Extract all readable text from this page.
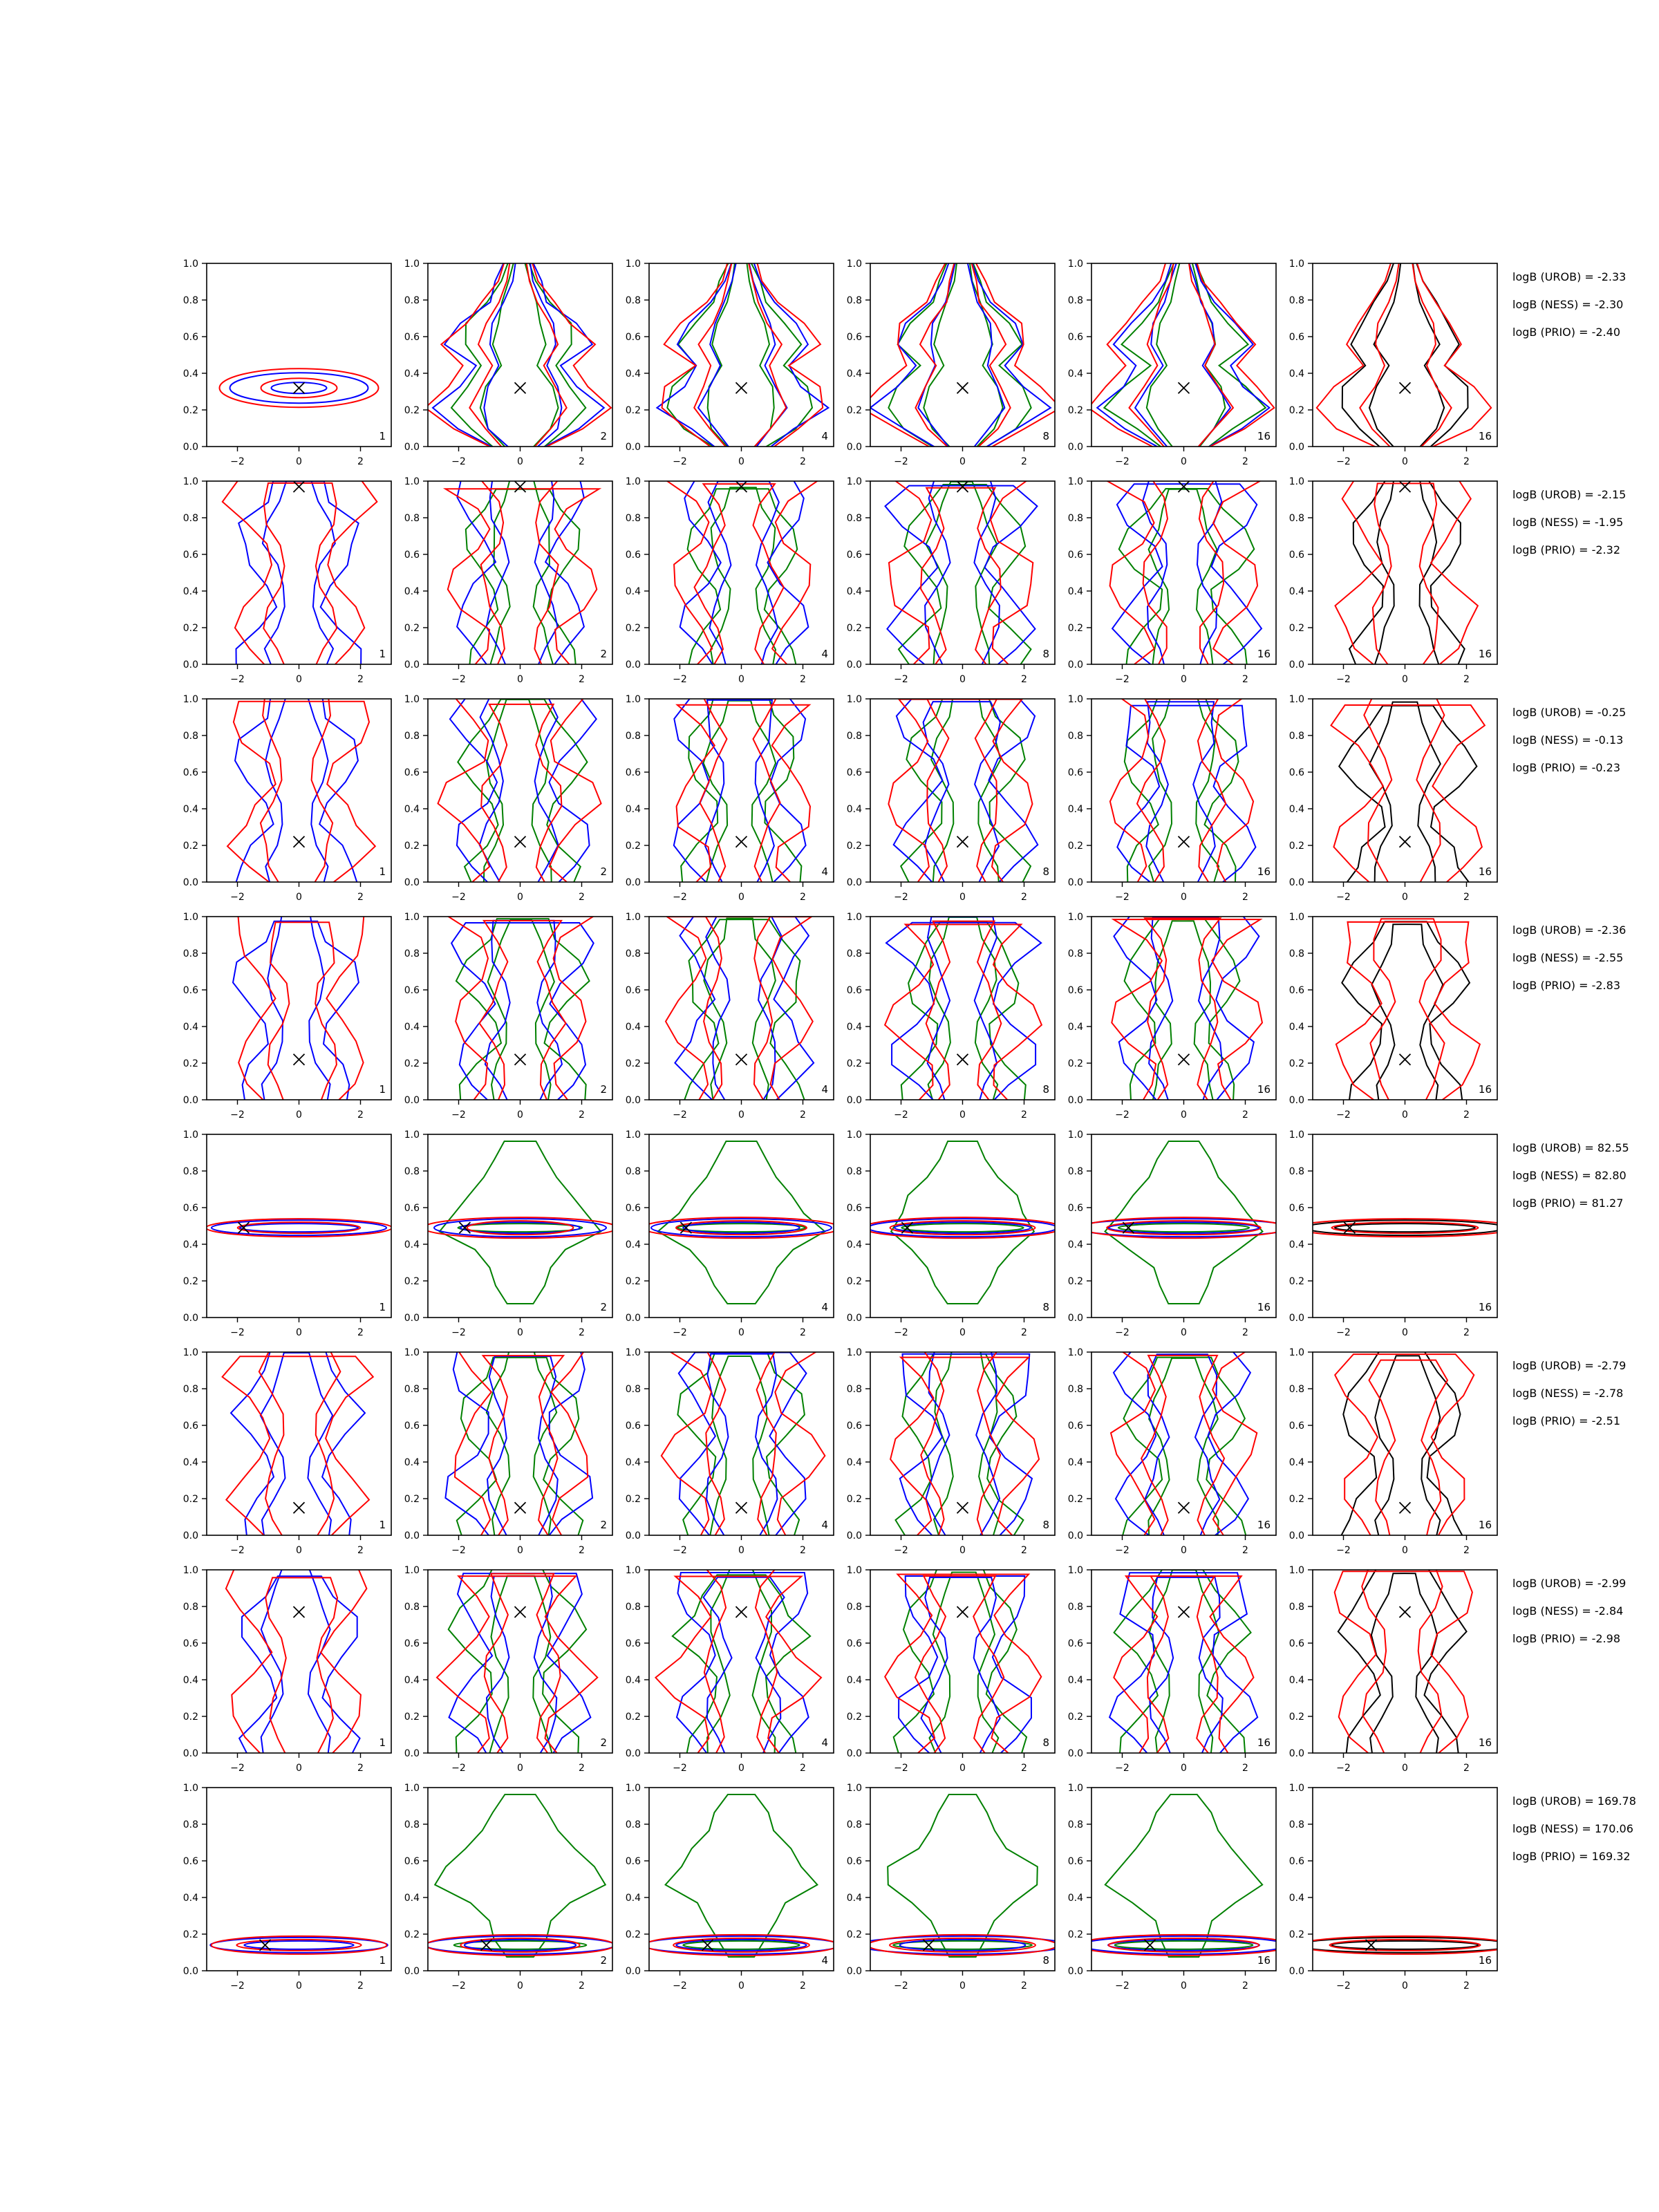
−2	0	2
0.0
0.2
0.4
0.6
0.8
1.0
1
−2	0	2
0.0
0.2
0.4
0.6
0.8
1.0
2
−2	0	2
0.0
0.2
0.4
0.6
0.8
1.0
4
−2	0	2
0.0
0.2
0.4
0.6
0.8
1.0
8
−2	0	2
0.0
0.2
0.4
0.6
0.8
1.0
16
−2	0	2
0.0
0.2
0.4
0.6
0.8
1.0
16
−2	0	2
0.0
0.2
0.4
0.6
0.8
1.0
1
−2	0	2
0.0
0.2
0.4
0.6
0.8
1.0
2
−2	0	2
0.0
0.2
0.4
0.6
0.8
1.0
4
−2	0	2
0.0
0.2
0.4
0.6
0.8
1.0
8
−2	0	2
0.0
0.2
0.4
0.6
0.8
1.0
16
−2	0	2
0.0
0.2
0.4
0.6
0.8
1.0
16
−2	0	2
0.0
0.2
0.4
0.6
0.8
1.0
1
−2	0	2
0.0
0.2
0.4
0.6
0.8
1.0
2
−2	0	2
0.0
0.2
0.4
0.6
0.8
1.0
4
−2	0	2
0.0
0.2
0.4
0.6
0.8
1.0
8
−2	0	2
0.0
0.2
0.4
0.6
0.8
1.0
16
−2	0	2
0.0
0.2
0.4
0.6
0.8
1.0
16
−2	0	2
0.0
0.2
0.4
0.6
0.8
1.0
1
−2	0	2
0.0
0.2
0.4
0.6
0.8
1.0
2
−2	0	2
0.0
0.2
0.4
0.6
0.8
1.0
4
−2	0	2
0.0
0.2
0.4
0.6
0.8
1.0
8
−2	0	2
0.0
0.2
0.4
0.6
0.8
1.0
16
−2	0	2
0.0
0.2
0.4
0.6
0.8
1.0
16
−2	0	2
0.0
0.2
0.4
0.6
0.8
1.0
1
−2	0	2
0.0
0.2
0.4
0.6
0.8
1.0
2
−2	0	2
0.0
0.2
0.4
0.6
0.8
1.0
4
−2	0	2
0.0
0.2
0.4
0.6
0.8
1.0
8
−2	0	2
0.0
0.2
0.4
0.6
0.8
1.0
16
−2	0	2
0.0
0.2
0.4
0.6
0.8
1.0
16
−2	0	2
0.0
0.2
0.4
0.6
0.8
1.0
1
−2	0	2
0.0
0.2
0.4
0.6
0.8
1.0
2
−2	0	2
0.0
0.2
0.4
0.6
0.8
1.0
4
−2	0	2
0.0
0.2
0.4
0.6
0.8
1.0
8
−2	0	2
0.0
0.2
0.4
0.6
0.8
1.0
16
−2	0	2
0.0
0.2
0.4
0.6
0.8
1.0
16
−2	0	2
0.0
0.2
0.4
0.6
0.8
1.0
1
−2	0	2
0.0
0.2
0.4
0.6
0.8
1.0
2
−2	0	2
0.0
0.2
0.4
0.6
0.8
1.0
4
−2	0	2
0.0
0.2
0.4
0.6
0.8
1.0
8
−2	0	2
0.0
0.2
0.4
0.6
0.8
1.0
16
−2	0	2
0.0
0.2
0.4
0.6
0.8
1.0
16
−2	0	2
0.0
0.2
0.4
0.6
0.8
1.0
1
−2	0	2
0.0
0.2
0.4
0.6
0.8
1.0
2
−2	0	2
0.0
0.2
0.4
0.6
0.8
1.0
4
−2	0	2
0.0
0.2
0.4
0.6
0.8
1.0
8
−2	0	2
0.0
0.2
0.4
0.6
0.8
1.0
16
−2	0	2
0.0
0.2
0.4
0.6
0.8
1.0
16
logB (UROB) = -2.33
logB (NESS) = -2.30
logB (PRIO) = -2.40
logB (UROB) = -2.15
logB (NESS) = -1.95
logB (PRIO) = -2.32
logB (UROB) = -0.25
logB (NESS) = -0.13
logB (PRIO) = -0.23
logB (UROB) = -2.36
logB (NESS) = -2.55
logB (PRIO) = -2.83
logB (UROB) = 82.55
logB (NESS) = 82.80
logB (PRIO) = 81.27
logB (UROB) = -2.79
logB (NESS) = -2.78
logB (PRIO) = -2.51
logB (UROB) = -2.99
logB (NESS) = -2.84
logB (PRIO) = -2.98
logB (UROB) = 169.78
logB (NESS) = 170.06
logB (PRIO) = 169.32
